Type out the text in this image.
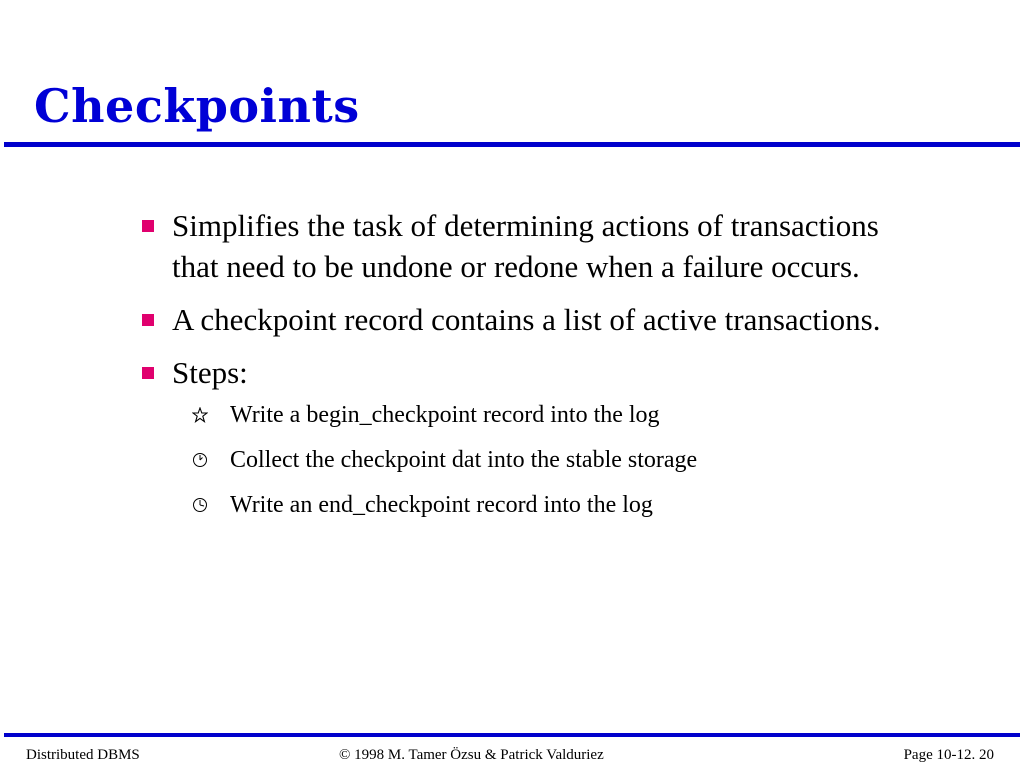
Checkpoints
Simplifies the task of determining actions of transactions that need to be undone or redone when a failure occurs.
A checkpoint record contains a list of active transactions.
Steps:
Write a begin_checkpoint record into the log
Collect the checkpoint dat into the stable storage
Write an end_checkpoint record into the log
Distributed DBMS	© 1998 M. Tamer Özsu & Patrick Valduriez	Page 10-12. 20
